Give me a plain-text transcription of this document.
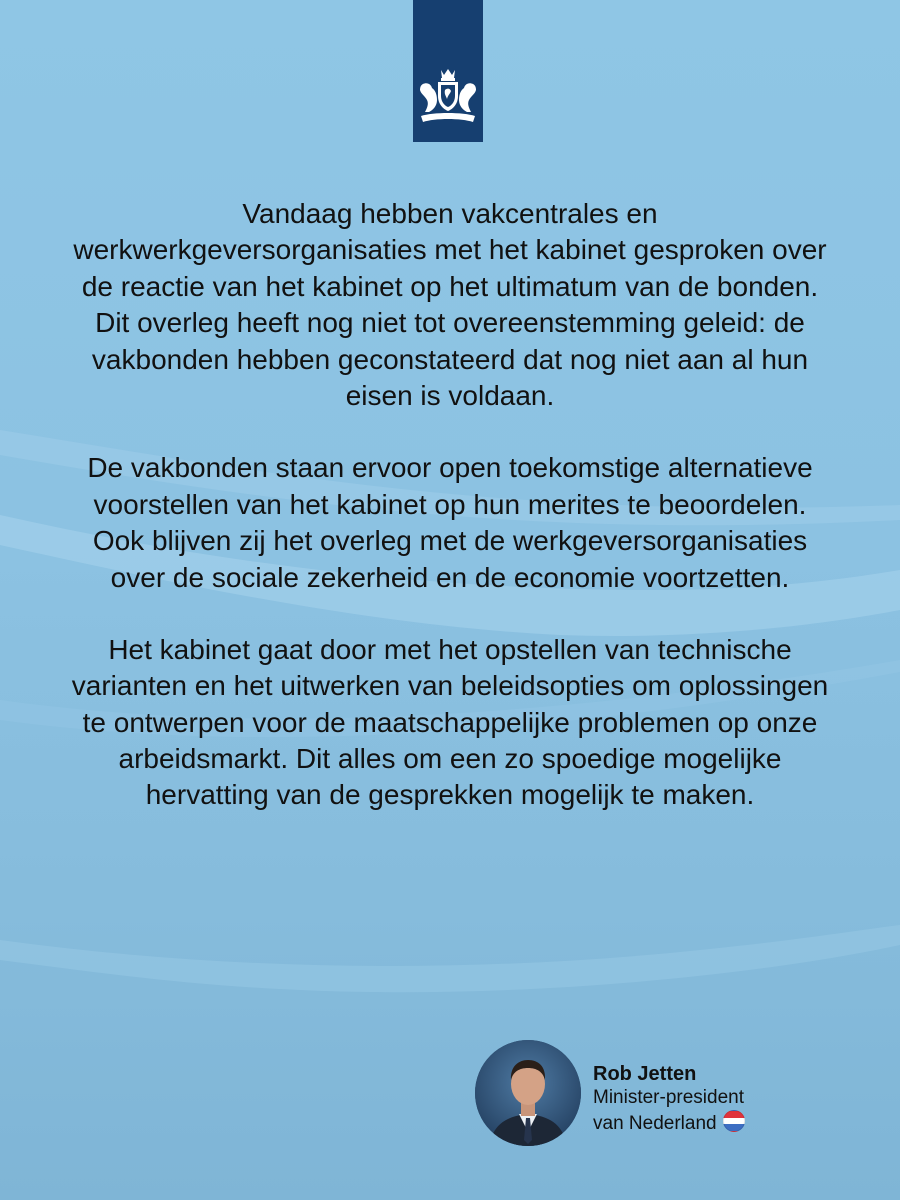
Vandaag hebben vakcentrales en werkwerkgeversorganisaties met het kabinet gesproken over de reactie van het kabinet op het ultimatum van de bonden. Dit overleg heeft nog niet tot overeenstemming geleid: de vakbonden hebben geconstateerd dat nog niet aan al hun eisen is voldaan.

De vakbonden staan ervoor open toekomstige alternatieve voorstellen van het kabinet op hun merites te beoordelen. Ook blijven zij het overleg met de werkgeversorganisaties over de sociale zekerheid en de economie voortzetten.

Het kabinet gaat door met het opstellen van technische varianten en het uitwerken van beleidsopties om oplossingen te ontwerpen voor de maatschappelijke problemen op onze arbeidsmarkt. Dit alles om een zo spoedige mogelijke hervatting van de gesprekken mogelijk te maken.

Rob Jetten
Minister-president
van Nederland
